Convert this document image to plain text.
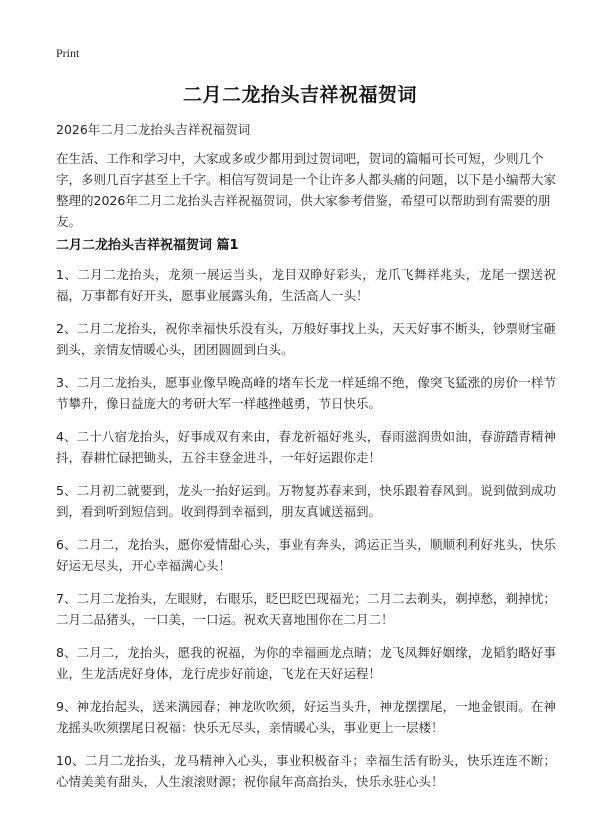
Print
二月二龙抬头吉祥祝福贺词
2026年二月二龙抬头吉祥祝福贺词

在生活、工作和学习中，大家或多或少都用到过贺词吧，贺词的篇幅可长可短，少则几个字，多则几百字甚至上千字。相信写贺词是一个让许多人都头痛的问题，以下是小编帮大家整理的2026年二月二龙抬头吉祥祝福贺词，供大家参考借鉴，希望可以帮助到有需要的朋友。

二月二龙抬头吉祥祝福贺词 篇1

1、二月二龙抬头，龙须一展运当头，龙目双睁好彩头，龙爪飞舞祥兆头，龙尾一摆送祝福，万事都有好开头，愿事业展露头角，生活高人一头！

2、二月二龙抬头，祝你幸福快乐没有头，万般好事找上头，天天好事不断头，钞票财宝砸到头，亲情友情暖心头，团团圆圆到白头。

3、二月二龙抬头，愿事业像早晚高峰的堵车长龙一样延绵不绝，像突飞猛涨的房价一样节节攀升，像日益庞大的考研大军一样越挫越勇，节日快乐。

4、二十八宿龙抬头，好事成双有来由，春龙祈福好兆头，春雨滋润贵如油，春游踏青精神抖，春耕忙碌把锄头，五谷丰登金进斗，一年好运跟你走！

5、二月初二就要到，龙头一抬好运到。万物复苏春来到，快乐跟着春风到。说到做到成功到，看到听到短信到。收到得到幸福到，朋友真诚送福到。

6、二月二，龙抬头，愿你爱情甜心头，事业有奔头，鸿运正当头，顺顺利利好兆头，快乐好运无尽头，开心幸福满心头！

7、二月二龙抬头，左眼财，右眼乐，眨巴眨巴现福光；二月二去剃头，剃掉愁，剃掉忧；二月二品猪头，一口美，一口运。祝欢天喜地围你在二月二！

8、二月二，龙抬头，愿我的祝福，为你的幸福画龙点睛；龙飞凤舞好姻缘，龙韬豹略好事业，生龙活虎好身体，龙行虎步好前途，飞龙在天好运程！

9、神龙抬起头，送来满园春；神龙吹吹须，好运当头升，神龙摆摆尾，一地金银雨。在神龙摇头吹须摆尾日祝福：快乐无尽头，亲情暖心头，事业更上一层楼！

10、二月二龙抬头，龙马精神入心头，事业积极奋斗；幸福生活有盼头，快乐连连不断；心情美美有甜头，人生滚滚财源；祝你鼠年高高抬头，快乐永驻心头！
